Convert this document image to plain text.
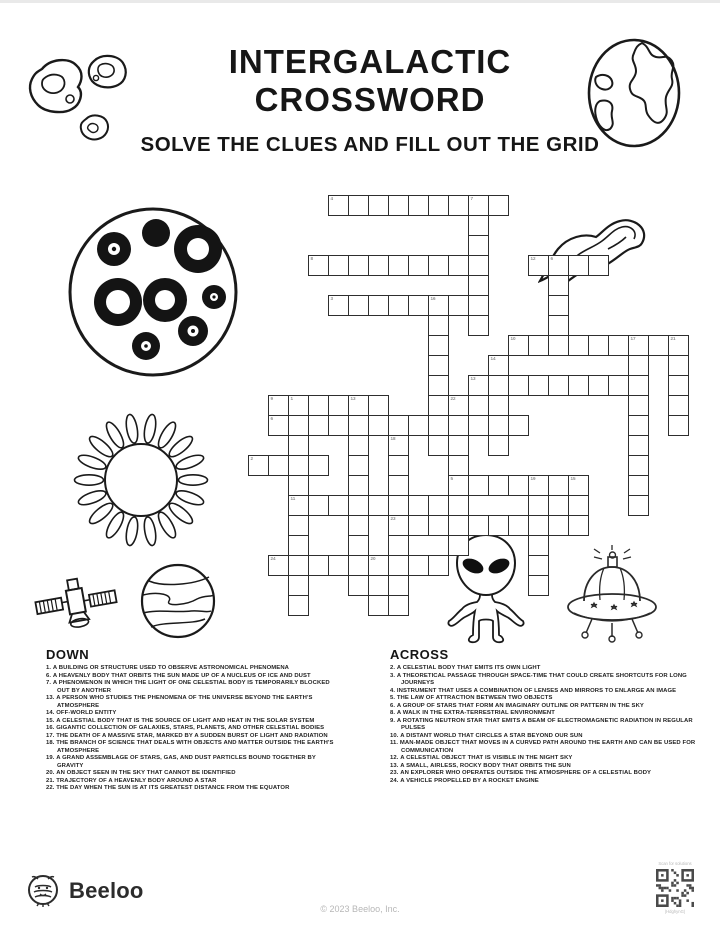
INTERGALACTIC CROSSWORD
SOLVE THE CLUES AND FILL OUT THE GRID
4	7
8	12	6
3	16
10	17	21
14
13
9	1	13
11
22
5
6
18
23
2
19	15
24	20
DOWN
1. A BUILDING OR STRUCTURE USED TO OBSERVE ASTRONOMICAL PHENOMENA
6. A HEAVENLY BODY THAT ORBITS THE SUN MADE UP OF A NUCLEUS OF ICE AND DUST
7. A PHENOMENON IN WHICH THE LIGHT OF ONE CELESTIAL BODY IS TEMPORARILY BLOCKED OUT BY ANOTHER
13. A PERSON WHO STUDIES THE PHENOMENA OF THE UNIVERSE BEYOND THE EARTH'S ATMOSPHERE
14. OFF-WORLD ENTITY
15. A CELESTIAL BODY THAT IS THE SOURCE OF LIGHT AND HEAT IN THE SOLAR SYSTEM
16. GIGANTIC COLLECTION OF GALAXIES, STARS, PLANETS, AND OTHER CELESTIAL BODIES
17. THE DEATH OF A MASSIVE STAR, MARKED BY A SUDDEN BURST OF LIGHT AND RADIATION
18. THE BRANCH OF SCIENCE THAT DEALS WITH OBJECTS AND MATTER OUTSIDE THE EARTH'S ATMOSPHERE
19. A GRAND ASSEMBLAGE OF STARS, GAS, AND DUST PARTICLES BOUND TOGETHER BY GRAVITY
20. AN OBJECT SEEN IN THE SKY THAT CANNOT BE IDENTIFIED
21. TRAJECTORY OF A HEAVENLY BODY AROUND A STAR
22. THE DAY WHEN THE SUN IS AT ITS GREATEST DISTANCE FROM THE EQUATOR
ACROSS
2. A CELESTIAL BODY THAT EMITS ITS OWN LIGHT
3. A THEORETICAL PASSAGE THROUGH SPACE-TIME THAT COULD CREATE SHORTCUTS FOR LONG JOURNEYS
4. INSTRUMENT THAT USES A COMBINATION OF LENSES AND MIRRORS TO ENLARGE AN IMAGE
5. THE LAW OF ATTRACTION BETWEEN TWO OBJECTS
6. A GROUP OF STARS THAT FORM AN IMAGINARY OUTLINE OR PATTERN IN THE SKY
8. A WALK IN THE EXTRA-TERRESTRIAL ENVIRONMENT
9. A ROTATING NEUTRON STAR THAT EMITS A BEAM OF ELECTROMAGNETIC RADIATION IN REGULAR PULSES
10. A DISTANT WORLD THAT CIRCLES A STAR BEYOND OUR SUN
11. MAN-MADE OBJECT THAT MOVES IN A CURVED PATH AROUND THE EARTH AND CAN BE USED FOR COMMUNICATION
12. A CELESTIAL OBJECT THAT IS VISIBLE IN THE NIGHT SKY
13. A SMALL, AIRLESS, ROCKY BODY THAT ORBITS THE SUN
23. AN EXPLORER WHO OPERATES OUTSIDE THE ATMOSPHERE OF A CELESTIAL BODY
24. A VEHICLE PROPELLED BY A ROCKET ENGINE
Beeloo
© 2023 Beeloo, Inc.
Scan for solutions
(HdghynG)
